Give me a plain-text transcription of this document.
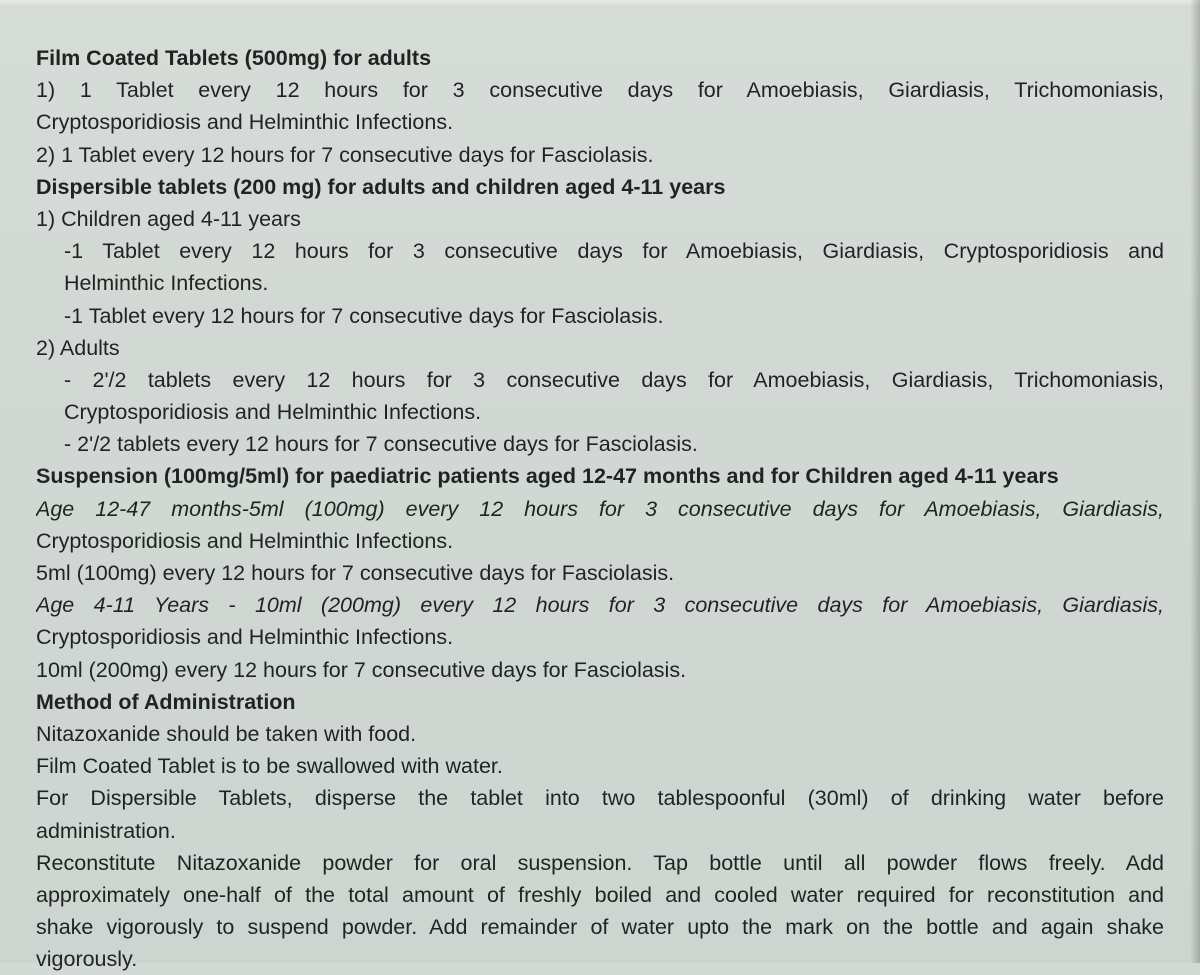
Film Coated Tablets (500mg) for adults
1) 1 Tablet every 12 hours for 3 consecutive days for Amoebiasis, Giardiasis, Trichomoniasis,
Cryptosporidiosis and Helminthic Infections.
2) 1 Tablet every 12 hours for 7 consecutive days for Fasciolasis.
Dispersible tablets (200 mg) for adults and children aged 4-11 years
1) Children aged 4-11 years
-1 Tablet every 12 hours for 3 consecutive days for Amoebiasis, Giardiasis, Cryptosporidiosis and
Helminthic Infections.
-1 Tablet every 12 hours for 7 consecutive days for Fasciolasis.
2) Adults
- 2'/2 tablets every 12 hours for 3 consecutive days for Amoebiasis, Giardiasis, Trichomoniasis,
Cryptosporidiosis and Helminthic Infections.
- 2'/2 tablets every 12 hours for 7 consecutive days for Fasciolasis.
Suspension (100mg/5ml) for paediatric patients aged 12-47 months and for Children aged 4-11 years
Age 12-47 months-5ml (100mg) every 12 hours for 3 consecutive days for Amoebiasis, Giardiasis,
Cryptosporidiosis and Helminthic Infections.
5ml (100mg) every 12 hours for 7 consecutive days for Fasciolasis.
Age 4-11 Years - 10ml (200mg) every 12 hours for 3 consecutive days for Amoebiasis, Giardiasis,
Cryptosporidiosis and Helminthic Infections.
10ml (200mg) every 12 hours for 7 consecutive days for Fasciolasis.
Method of Administration
Nitazoxanide should be taken with food.
Film Coated Tablet is to be swallowed with water.
For Dispersible Tablets, disperse the tablet into two tablespoonful (30ml) of drinking water before
administration.
Reconstitute Nitazoxanide powder for oral suspension. Tap bottle until all powder flows freely. Add
approximately one-half of the total amount of freshly boiled and cooled water required for reconstitution and
shake vigorously to suspend powder. Add remainder of water upto the mark on the bottle and again shake
vigorously.
